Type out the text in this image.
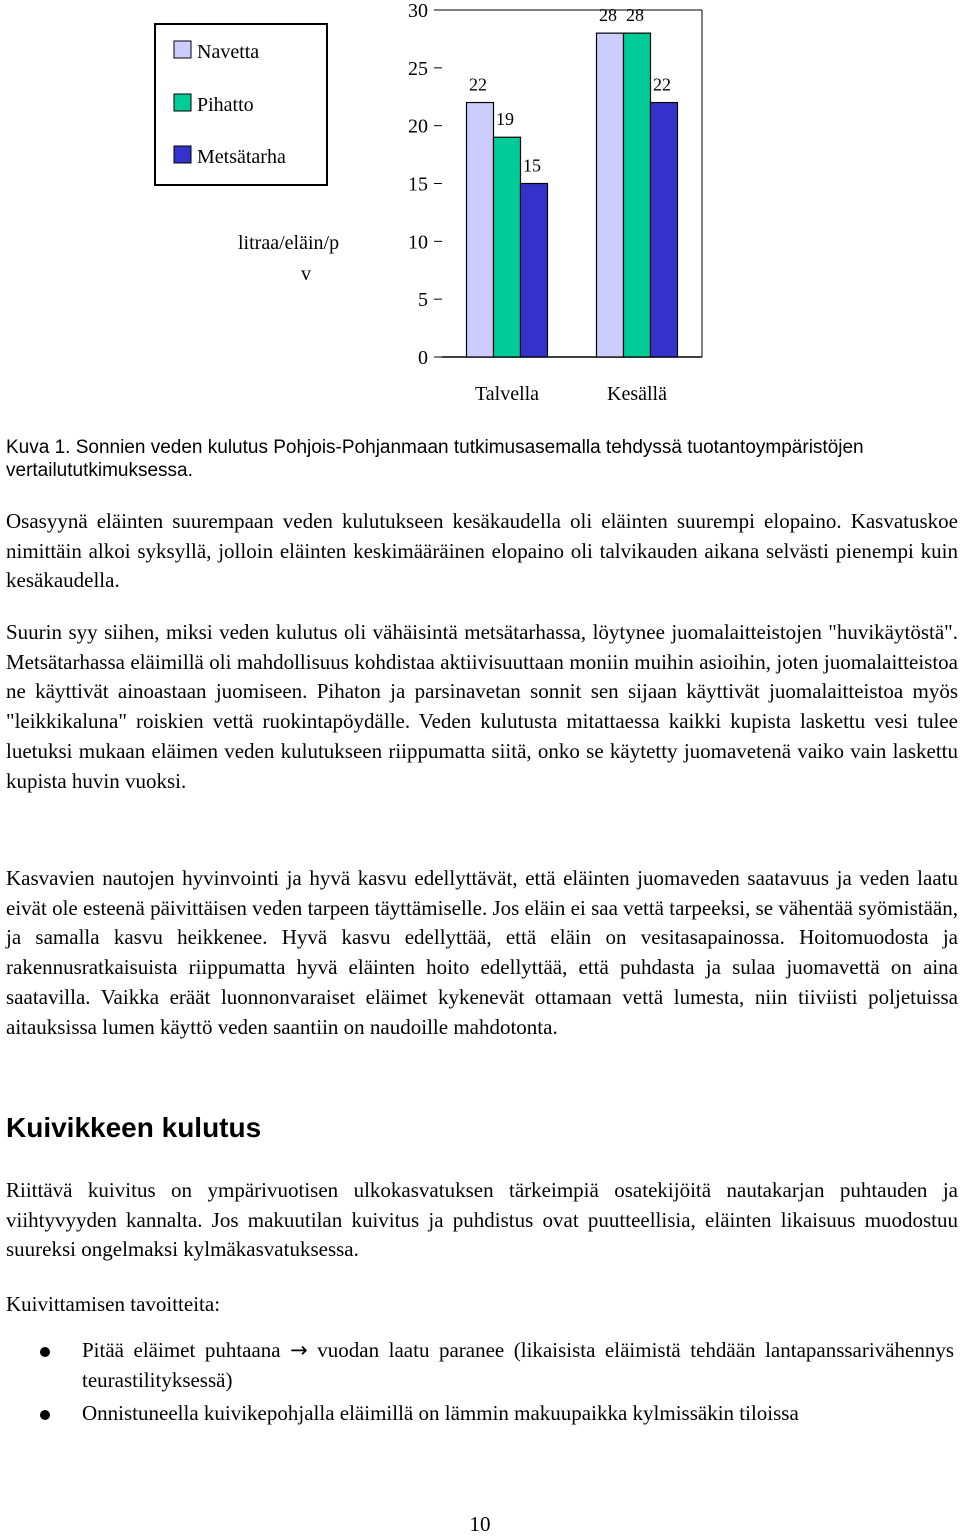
Navetta
Pihatto
Metsätarha
litraa/eläin/p
v
0
5
10
15
20
25
30
22
19
15
Talvella
28 28
22
Kesällä
Kuva 1. Sonnien veden kulutus Pohjois-Pohjanmaan tutkimusasemalla tehdyssä tuotantoympäristöjen vertailututkimuksessa.
Osasyynä eläinten suurempaan veden kulutukseen kesäkaudella oli eläinten suurempi elopaino. Kasvatuskoe nimittäin alkoi syksyllä, jolloin eläinten keskimääräinen elopaino oli talvikauden aikana selvästi pienempi kuin kesäkaudella.
Suurin syy siihen, miksi veden kulutus oli vähäisintä metsätarhassa, löytynee juomalaitteistojen "huvikäytöstä". Metsätarhassa eläimillä oli mahdollisuus kohdistaa aktiivisuuttaan moniin muihin asioihin, joten juomalaitteistoa ne käyttivät ainoastaan juomiseen. Pihaton ja parsinavetan sonnit sen sijaan käyttivät juomalaitteistoa myös "leikkikaluna" roiskien vettä ruokintapöydälle. Veden kulutusta mitattaessa kaikki kupista laskettu vesi tulee luetuksi mukaan eläimen veden kulutukseen riippumatta siitä, onko se käytetty juomavetenä vaiko vain laskettu kupista huvin vuoksi.
Kasvavien nautojen hyvinvointi ja hyvä kasvu edellyttävät, että eläinten juomaveden saatavuus ja veden laatu eivät ole esteenä päivittäisen veden tarpeen täyttämiselle. Jos eläin ei saa vettä tarpeeksi, se vähentää syömistään, ja samalla kasvu heikkenee. Hyvä kasvu edellyttää, että eläin on vesitasapainossa. Hoitomuodosta ja rakennusratkaisuista riippumatta hyvä eläinten hoito edellyttää, että puhdasta ja sulaa juomavettä on aina saatavilla. Vaikka eräät luonnonvaraiset eläimet kykenevät ottamaan vettä lumesta, niin tiiviisti poljetuissa aitauksissa lumen käyttö veden saantiin on naudoille mahdotonta.
Kuivikkeen kulutus
Riittävä kuivitus on ympärivuotisen ulkokasvatuksen tärkeimpiä osatekijöitä nautakarjan puhtauden ja viihtyvyyden kannalta. Jos makuutilan kuivitus ja puhdistus ovat puutteellisia, eläinten likaisuus muodostuu suureksi ongelmaksi kylmäkasvatuksessa.
Kuivittamisen tavoitteita:
Pitää eläimet puhtaana → vuodan laatu paranee (likaisista eläimistä tehdään lantapanssarivähennys teurastilityksessä)
Onnistuneella kuivikepohjalla eläimillä on lämmin makuupaikka kylmissäkin tiloissa
10
